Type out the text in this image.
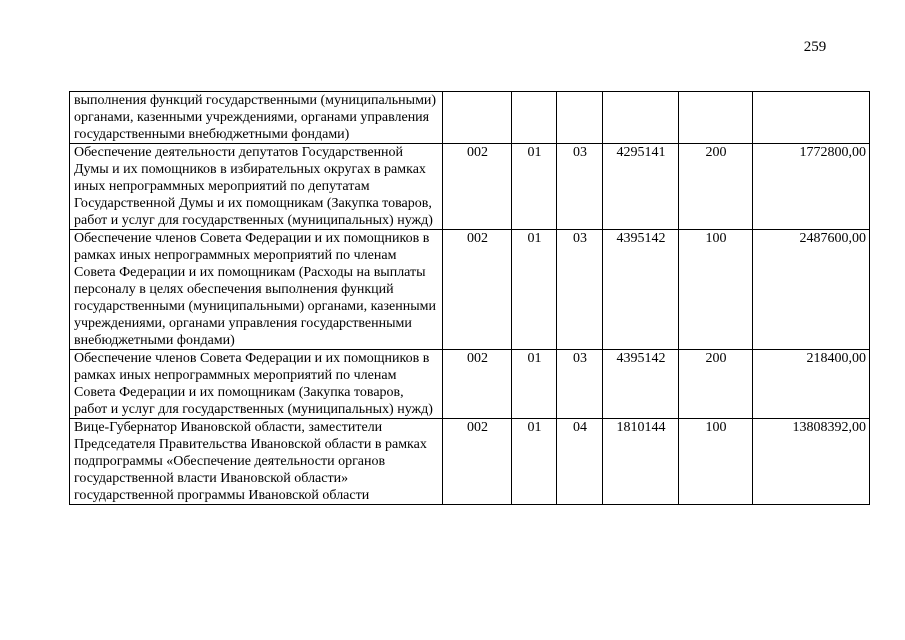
259
выполнения функций государственными (муниципальными) органами, казенными учреждениями, органами управления государственными внебюджетными фондами)						
Обеспечение деятельности депутатов Государственной Думы и их помощников в избирательных округах в рамках иных непрограммных мероприятий по депутатам Государственной Думы и их помощникам (Закупка товаров, работ и услуг для государственных (муниципальных) нужд)	002	01	03	4295141	200	1772800,00
Обеспечение членов Совета Федерации и их помощников в рамках иных непрограммных мероприятий по членам Совета Федерации и их помощникам (Расходы на выплаты персоналу в целях обеспечения выполнения функций государственными (муниципальными) органами, казенными учреждениями, органами управления государственными внебюджетными фондами)	002	01	03	4395142	100	2487600,00
Обеспечение членов Совета Федерации и их помощников в рамках иных непрограммных мероприятий по членам Совета Федерации и их помощникам (Закупка товаров, работ и услуг для государственных (муниципальных) нужд)	002	01	03	4395142	200	218400,00
Вице-Губернатор Ивановской области, заместители Председателя Правительства Ивановской области в рамках подпрограммы «Обеспечение деятельности органов государственной власти Ивановской области» государственной программы Ивановской области	002	01	04	1810144	100	13808392,00
